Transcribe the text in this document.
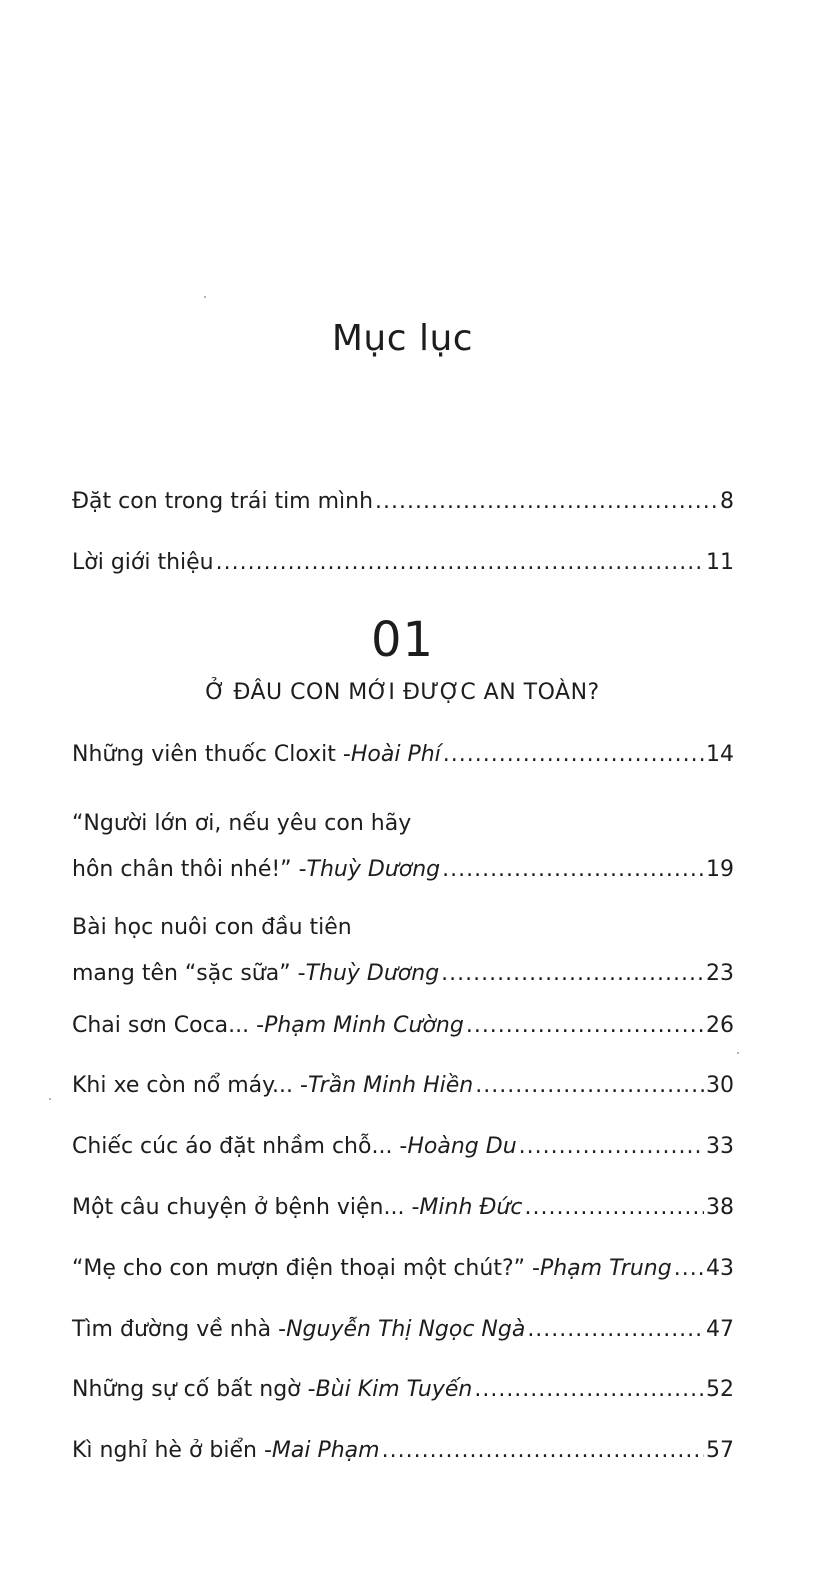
Mục lục
Đặt con trong trái tim mình .....	8
Lời giới thiệu .....	11
01
Ở ĐÂU CON MỚI ĐƯỢC AN TOÀN?
Những viên thuốc Cloxit - Hoài Phí .....	14
“Người lớn ơi, nếu yêu con hãy
hôn chân thôi nhé!” - Thuỳ Dương .....	19
Bài học nuôi con đầu tiên
mang tên “sặc sữa” - Thuỳ Dương .....	23
Chai sơn Coca... - Phạm Minh Cường .....	26
Khi xe còn nổ máy... - Trần Minh Hiền .....	30
Chiếc cúc áo đặt nhầm chỗ... - Hoàng Du .....	33
Một câu chuyện ở bệnh viện... - Minh Đức .....	38
“Mẹ cho con mượn điện thoại một chút?” - Phạm Trung ..... 43
Tìm đường về nhà - Nguyễn Thị Ngọc Ngà .....	47
Những sự cố bất ngờ - Bùi Kim Tuyến .....	52
Kì nghỉ hè ở biển - Mai Phạm .....	57
